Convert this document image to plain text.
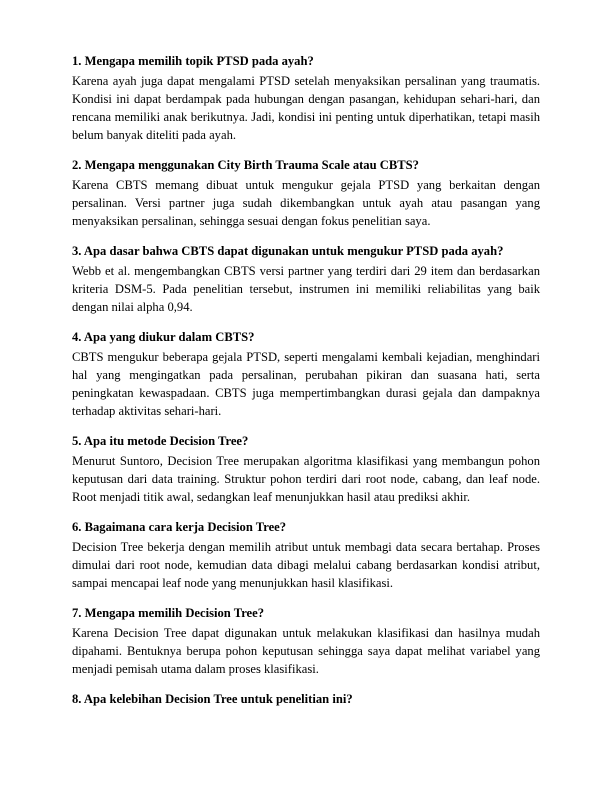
1. Mengapa memilih topik PTSD pada ayah?

Karena ayah juga dapat mengalami PTSD setelah menyaksikan persalinan yang traumatis. Kondisi ini dapat berdampak pada hubungan dengan pasangan, kehidupan sehari-hari, dan rencana memiliki anak berikutnya. Jadi, kondisi ini penting untuk diperhatikan, tetapi masih belum banyak diteliti pada ayah.

2. Mengapa menggunakan City Birth Trauma Scale atau CBTS?

Karena CBTS memang dibuat untuk mengukur gejala PTSD yang berkaitan dengan persalinan. Versi partner juga sudah dikembangkan untuk ayah atau pasangan yang menyaksikan persalinan, sehingga sesuai dengan fokus penelitian saya.

3. Apa dasar bahwa CBTS dapat digunakan untuk mengukur PTSD pada ayah?

Webb et al. mengembangkan CBTS versi partner yang terdiri dari 29 item dan berdasarkan kriteria DSM-5. Pada penelitian tersebut, instrumen ini memiliki reliabilitas yang baik dengan nilai alpha 0,94.

4. Apa yang diukur dalam CBTS?

CBTS mengukur beberapa gejala PTSD, seperti mengalami kembali kejadian, menghindari hal yang mengingatkan pada persalinan, perubahan pikiran dan suasana hati, serta peningkatan kewaspadaan. CBTS juga mempertimbangkan durasi gejala dan dampaknya terhadap aktivitas sehari-hari.

5. Apa itu metode Decision Tree?

Menurut Suntoro, Decision Tree merupakan algoritma klasifikasi yang membangun pohon keputusan dari data training. Struktur pohon terdiri dari root node, cabang, dan leaf node. Root menjadi titik awal, sedangkan leaf menunjukkan hasil atau prediksi akhir.

6. Bagaimana cara kerja Decision Tree?

Decision Tree bekerja dengan memilih atribut untuk membagi data secara bertahap. Proses dimulai dari root node, kemudian data dibagi melalui cabang berdasarkan kondisi atribut, sampai mencapai leaf node yang menunjukkan hasil klasifikasi.

7. Mengapa memilih Decision Tree?

Karena Decision Tree dapat digunakan untuk melakukan klasifikasi dan hasilnya mudah dipahami. Bentuknya berupa pohon keputusan sehingga saya dapat melihat variabel yang menjadi pemisah utama dalam proses klasifikasi.

8. Apa kelebihan Decision Tree untuk penelitian ini?
